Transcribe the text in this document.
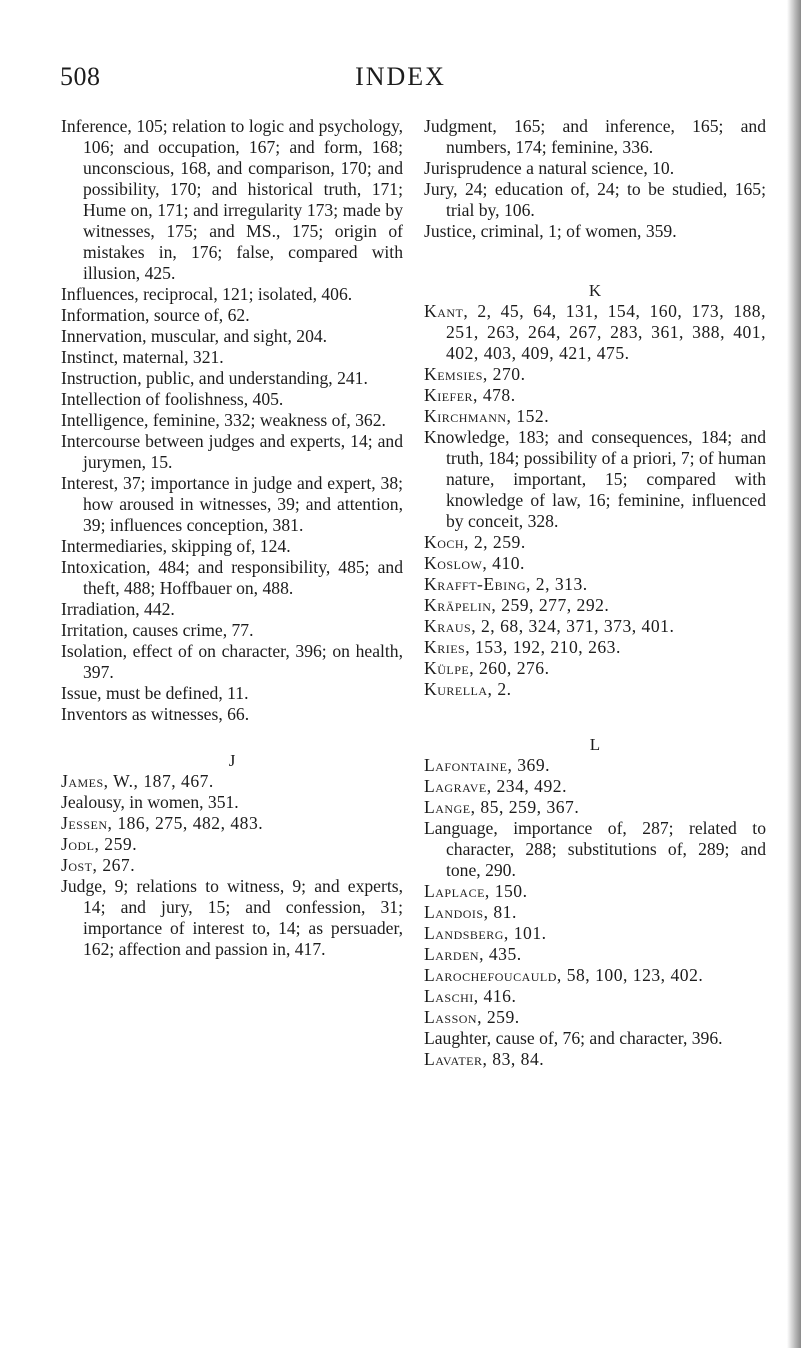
508	INDEX

Inference, 105; relation to logic and psychology, 106; and occupation, 167; and form, 168; unconscious, 168, and comparison, 170; and possibility, 170; and historical truth, 171; Hume on, 171; and irregularity 173; made by witnesses, 175; and MS., 175; origin of mistakes in, 176; false, compared with illusion, 425.

Influences, reciprocal, 121; isolated, 406.

Information, source of, 62.

Innervation, muscular, and sight, 204.

Instinct, maternal, 321.

Instruction, public, and understanding, 241.

Intellection of foolishness, 405.

Intelligence, feminine, 332; weakness of, 362.

Intercourse between judges and experts, 14; and jurymen, 15.

Interest, 37; importance in judge and expert, 38; how aroused in witnesses, 39; and attention, 39; influences conception, 381.

Intermediaries, skipping of, 124.

Intoxication, 484; and responsibility, 485; and theft, 488; Hoffbauer on, 488.

Irradiation, 442.

Irritation, causes crime, 77.

Isolation, effect of on character, 396; on health, 397.

Issue, must be defined, 11.

Inventors as witnesses, 66.

J

James, W., 187, 467.

Jealousy, in women, 351.

Jessen, 186, 275, 482, 483.

Jodl, 259.

Jost, 267.

Judge, 9; relations to witness, 9; and experts, 14; and jury, 15; and confession, 31; importance of interest to, 14; as persuader, 162; affection and passion in, 417.

Judgment, 165; and inference, 165; and numbers, 174; feminine, 336.

Jurisprudence a natural science, 10.

Jury, 24; education of, 24; to be studied, 165; trial by, 106.

Justice, criminal, 1; of women, 359.

K

Kant, 2, 45, 64, 131, 154, 160, 173, 188, 251, 263, 264, 267, 283, 361, 388, 401, 402, 403, 409, 421, 475.

Kemsies, 270.

Kiefer, 478.

Kirchmann, 152.

Knowledge, 183; and consequences, 184; and truth, 184; possibility of a priori, 7; of human nature, important, 15; compared with knowledge of law, 16; feminine, influenced by conceit, 328.

Koch, 2, 259.

Koslow, 410.

Krafft-Ebing, 2, 313.

Kräpelin, 259, 277, 292.

Kraus, 2, 68, 324, 371, 373, 401.

Kries, 153, 192, 210, 263.

Külpe, 260, 276.

Kurella, 2.

L

Lafontaine, 369.

Lagrave, 234, 492.

Lange, 85, 259, 367.

Language, importance of, 287; related to character, 288; substitutions of, 289; and tone, 290.

Laplace, 150.

Landois, 81.

Landsberg, 101.

Larden, 435.

Larochefoucauld, 58, 100, 123, 402.

Laschi, 416.

Lasson, 259.

Laughter, cause of, 76; and character, 396.

Lavater, 83, 84.
